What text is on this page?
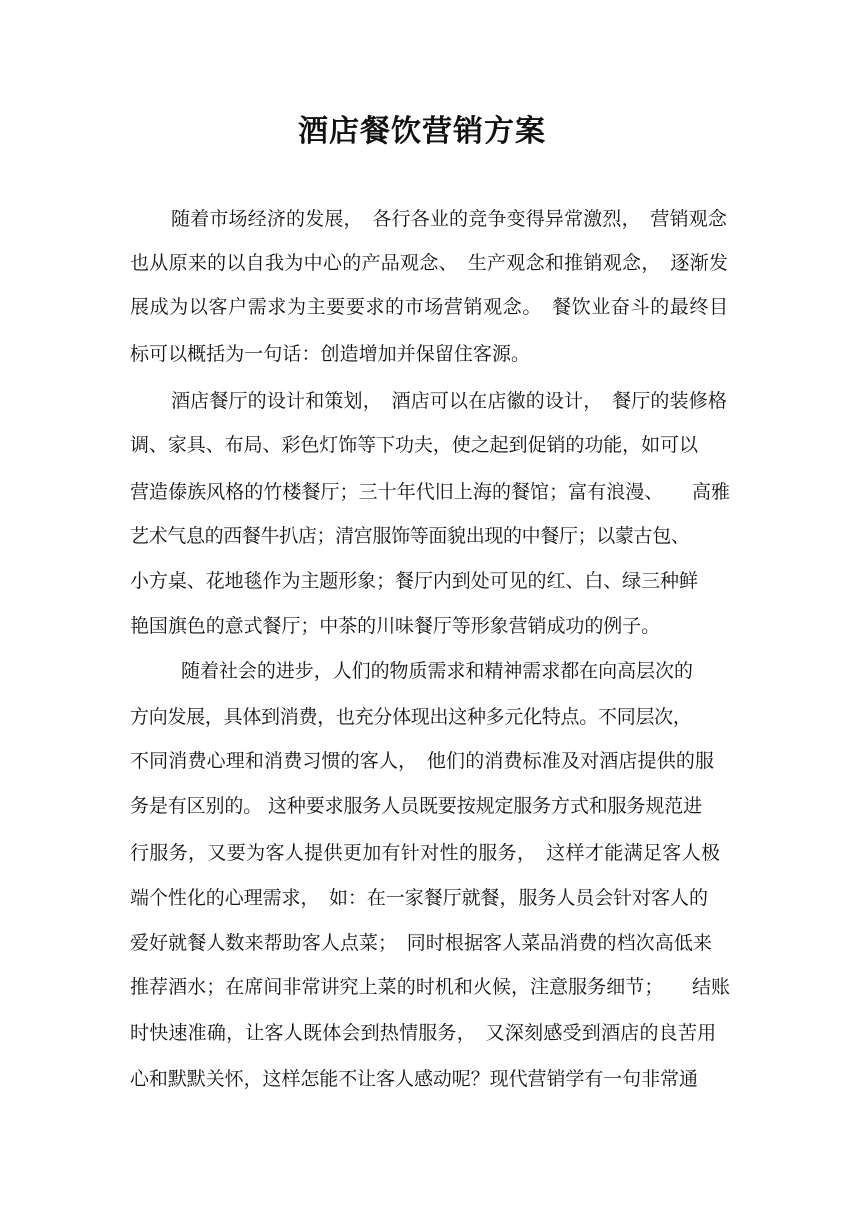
酒店餐饮营销方案

随着市场经济的发展，　各行各业的竞争变得异常激烈，　营销观念

也从原来的以自我为中心的产品观念、　生产观念和推销观念，　逐渐发

展成为以客户需求为主要要求的市场营销观念。　餐饮业奋斗的最终目

标可以概括为一句话：创造增加并保留住客源。

酒店餐厅的设计和策划，　酒店可以在店徽的设计，　餐厅的装修格

调、家具、布局、彩色灯饰等下功夫，使之起到促销的功能，如可以

营造傣族风格的竹楼餐厅；三十年代旧上海的餐馆；富有浪漫、　　高雅

艺术气息的西餐牛扒店；清宫服饰等面貌出现的中餐厅；以蒙古包、

小方桌、花地毯作为主题形象；餐厅内到处可见的红、白、绿三种鲜

艳国旗色的意式餐厅；中茶的川味餐厅等形象营销成功的例子。

随着社会的进步，人们的物质需求和精神需求都在向高层次的

方向发展，具体到消费，也充分体现出这种多元化特点。不同层次，

不同消费心理和消费习惯的客人，　他们的消费标准及对酒店提供的服

务是有区别的。 这种要求服务人员既要按规定服务方式和服务规范进

行服务，又要为客人提供更加有针对性的服务，　这样才能满足客人极

端个性化的心理需求，　如：在一家餐厅就餐，服务人员会针对客人的

爱好就餐人数来帮助客人点菜；　同时根据客人菜品消费的档次高低来

推荐酒水；在席间非常讲究上菜的时机和火候，注意服务细节；　　结账

时快速准确，让客人既体会到热情服务，　又深刻感受到酒店的良苦用

心和默默关怀，这样怎能不让客人感动呢？现代营销学有一句非常通
